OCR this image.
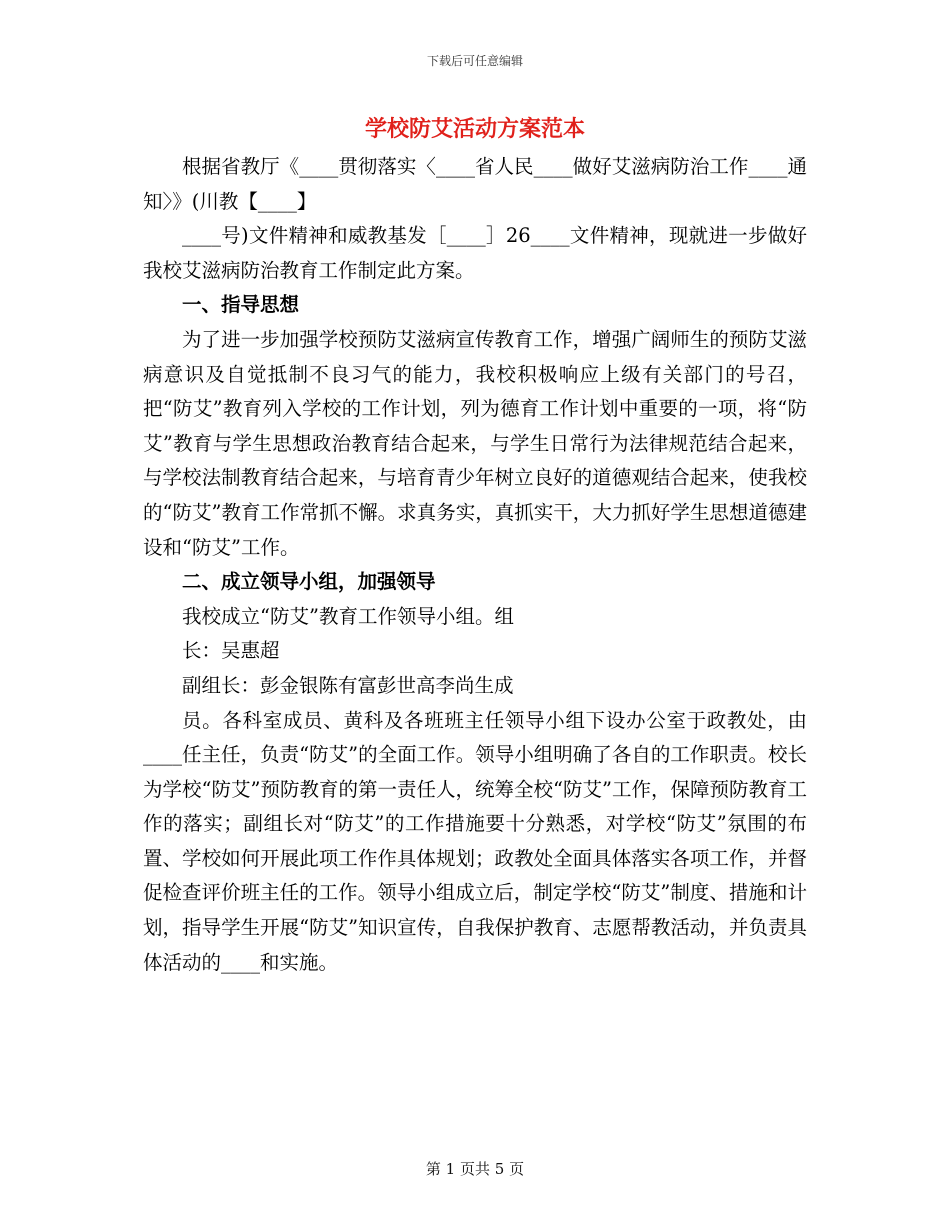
下载后可任意编辑
学校防艾活动方案范本

根据省教厅《____贯彻落实〈____省人民____做好艾滋病防治工作____通知〉》(川教【____】

____号)文件精神和威教基发［____］26____文件精神，现就进一步做好我校艾滋病防治教育工作制定此方案。

一、指导思想

为了进一步加强学校预防艾滋病宣传教育工作，增强广阔师生的预防艾滋病意识及自觉抵制不良习气的能力，我校积极响应上级有关部门的号召，把“防艾”教育列入学校的工作计划，列为德育工作计划中重要的一项，将“防艾”教育与学生思想政治教育结合起来，与学生日常行为法律规范结合起来，与学校法制教育结合起来，与培育青少年树立良好的道德观结合起来，使我校的“防艾”教育工作常抓不懈。求真务实，真抓实干，大力抓好学生思想道德建设和“防艾”工作。

二、成立领导小组，加强领导

我校成立“防艾”教育工作领导小组。组

长：吴惠超

副组长：彭金银陈有富彭世高李尚生成

员。各科室成员、黄科及各班班主任领导小组下设办公室于政教处，由____任主任，负责“防艾”的全面工作。领导小组明确了各自的工作职责。校长为学校“防艾”预防教育的第一责任人，统筹全校“防艾”工作，保障预防教育工作的落实；副组长对“防艾”的工作措施要十分熟悉，对学校“防艾”氛围的布置、学校如何开展此项工作作具体规划；政教处全面具体落实各项工作，并督促检查评价班主任的工作。领导小组成立后，制定学校“防艾”制度、措施和计划，指导学生开展“防艾”知识宣传，自我保护教育、志愿帮教活动，并负责具体活动的____和实施。

第 1 页共 5 页
